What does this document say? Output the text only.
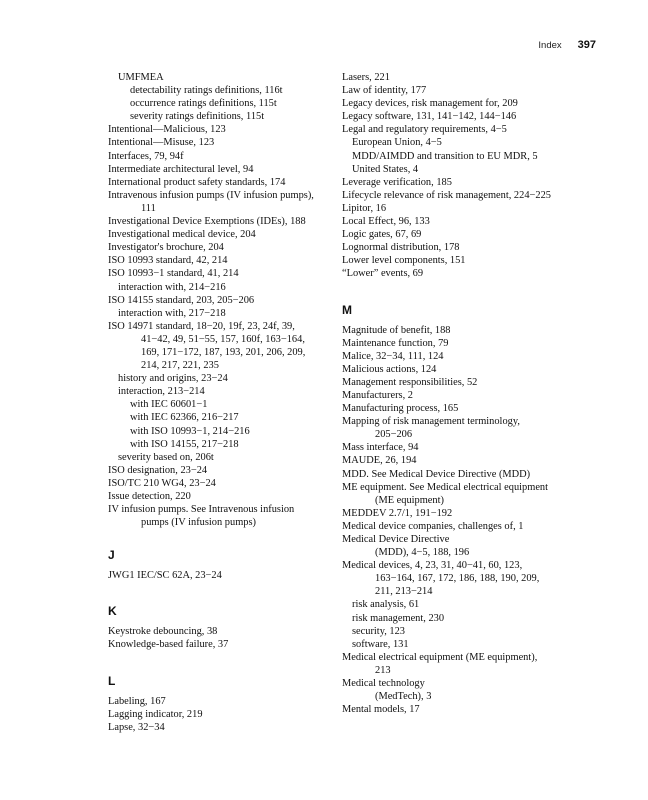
Index 397
UMFMEA
detectability ratings definitions, 116t
occurrence ratings definitions, 115t
severity ratings definitions, 115t
Intentional—Malicious, 123
Intentional—Misuse, 123
Interfaces, 79, 94f
Intermediate architectural level, 94
International product safety standards, 174
Intravenous infusion pumps (IV infusion pumps),
111
Investigational Device Exemptions (IDEs), 188
Investigational medical device, 204
Investigator's brochure, 204
ISO 10993 standard, 42, 214
ISO 10993−1 standard, 41, 214
interaction with, 214−216
ISO 14155 standard, 203, 205−206
interaction with, 217−218
ISO 14971 standard, 18−20, 19f, 23, 24f, 39,
41−42, 49, 51−55, 157, 160f, 163−164,
169, 171−172, 187, 193, 201, 206, 209,
214, 217, 221, 235
history and origins, 23−24
interaction, 213−214
with IEC 60601−1
with IEC 62366, 216−217
with ISO 10993−1, 214−216
with ISO 14155, 217−218
severity based on, 206t
ISO designation, 23−24
ISO/TC 210 WG4, 23−24
Issue detection, 220
IV infusion pumps. See Intravenous infusion
pumps (IV infusion pumps)
J
JWG1 IEC/SC 62A, 23−24
K
Keystroke debouncing, 38
Knowledge-based failure, 37
L
Labeling, 167
Lagging indicator, 219
Lapse, 32−34
Lasers, 221
Law of identity, 177
Legacy devices, risk management for, 209
Legacy software, 131, 141−142, 144−146
Legal and regulatory requirements, 4−5
European Union, 4−5
MDD/AIMDD and transition to EU MDR, 5
United States, 4
Leverage verification, 185
Lifecycle relevance of risk management, 224−225
Lipitor, 16
Local Effect, 96, 133
Logic gates, 67, 69
Lognormal distribution, 178
Lower level components, 151
“Lower” events, 69
M
Magnitude of benefit, 188
Maintenance function, 79
Malice, 32−34, 111, 124
Malicious actions, 124
Management responsibilities, 52
Manufacturers, 2
Manufacturing process, 165
Mapping of risk management terminology,
205−206
Mass interface, 94
MAUDE, 26, 194
MDD. See Medical Device Directive (MDD)
ME equipment. See Medical electrical equipment
(ME equipment)
MEDDEV 2.7/1, 191−192
Medical device companies, challenges of, 1
Medical Device Directive
(MDD), 4−5, 188, 196
Medical devices, 4, 23, 31, 40−41, 60, 123,
163−164, 167, 172, 186, 188, 190, 209,
211, 213−214
risk analysis, 61
risk management, 230
security, 123
software, 131
Medical electrical equipment (ME equipment),
213
Medical technology
(MedTech), 3
Mental models, 17
